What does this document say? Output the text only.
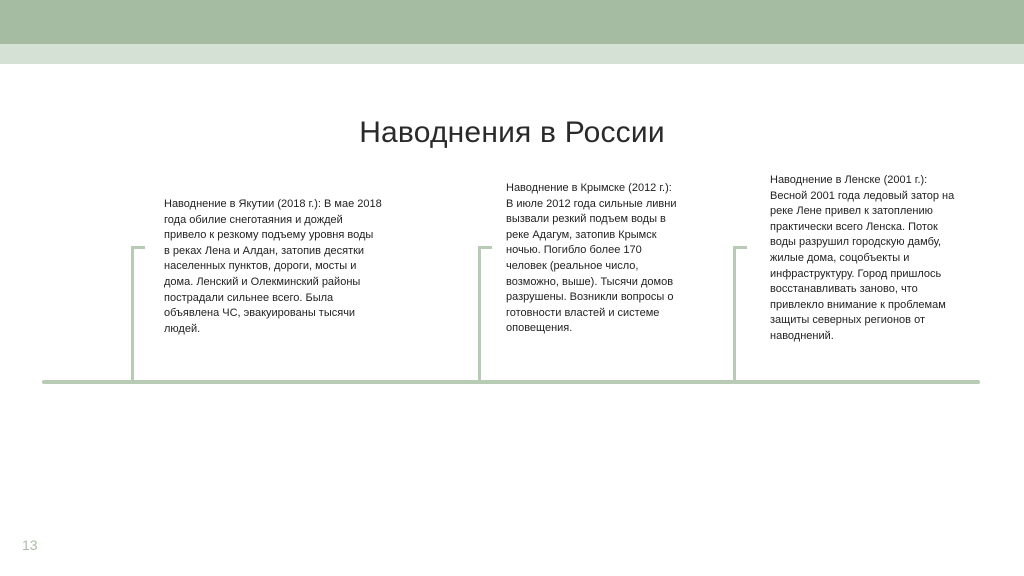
Наводнения в России

Наводнение в Якутии (2018 г.): В мае 2018 года обилие снеготаяния и дождей привело к резкому подъему уровня воды в реках Лена и Алдан, затопив десятки населенных пунктов, дороги, мосты и дома. Ленский и Олекминский районы пострадали сильнее всего. Была объявлена ЧС, эвакуированы тысячи людей.

Наводнение в Крымске (2012 г.): В июле 2012 года сильные ливни вызвали резкий подъем воды в реке Адагум, затопив Крымск ночью. Погибло более 170 человек (реальное число, возможно, выше). Тысячи домов разрушены. Возникли вопросы о готовности властей и системе оповещения.

Наводнение в Ленске (2001 г.): Весной 2001 года ледовый затор на реке Лене привел к затоплению практически всего Ленска. Поток воды разрушил городскую дамбу, жилые дома, соцобъекты и инфраструктуру. Город пришлось восстанавливать заново, что привлекло внимание к проблемам защиты северных регионов от наводнений.

13
